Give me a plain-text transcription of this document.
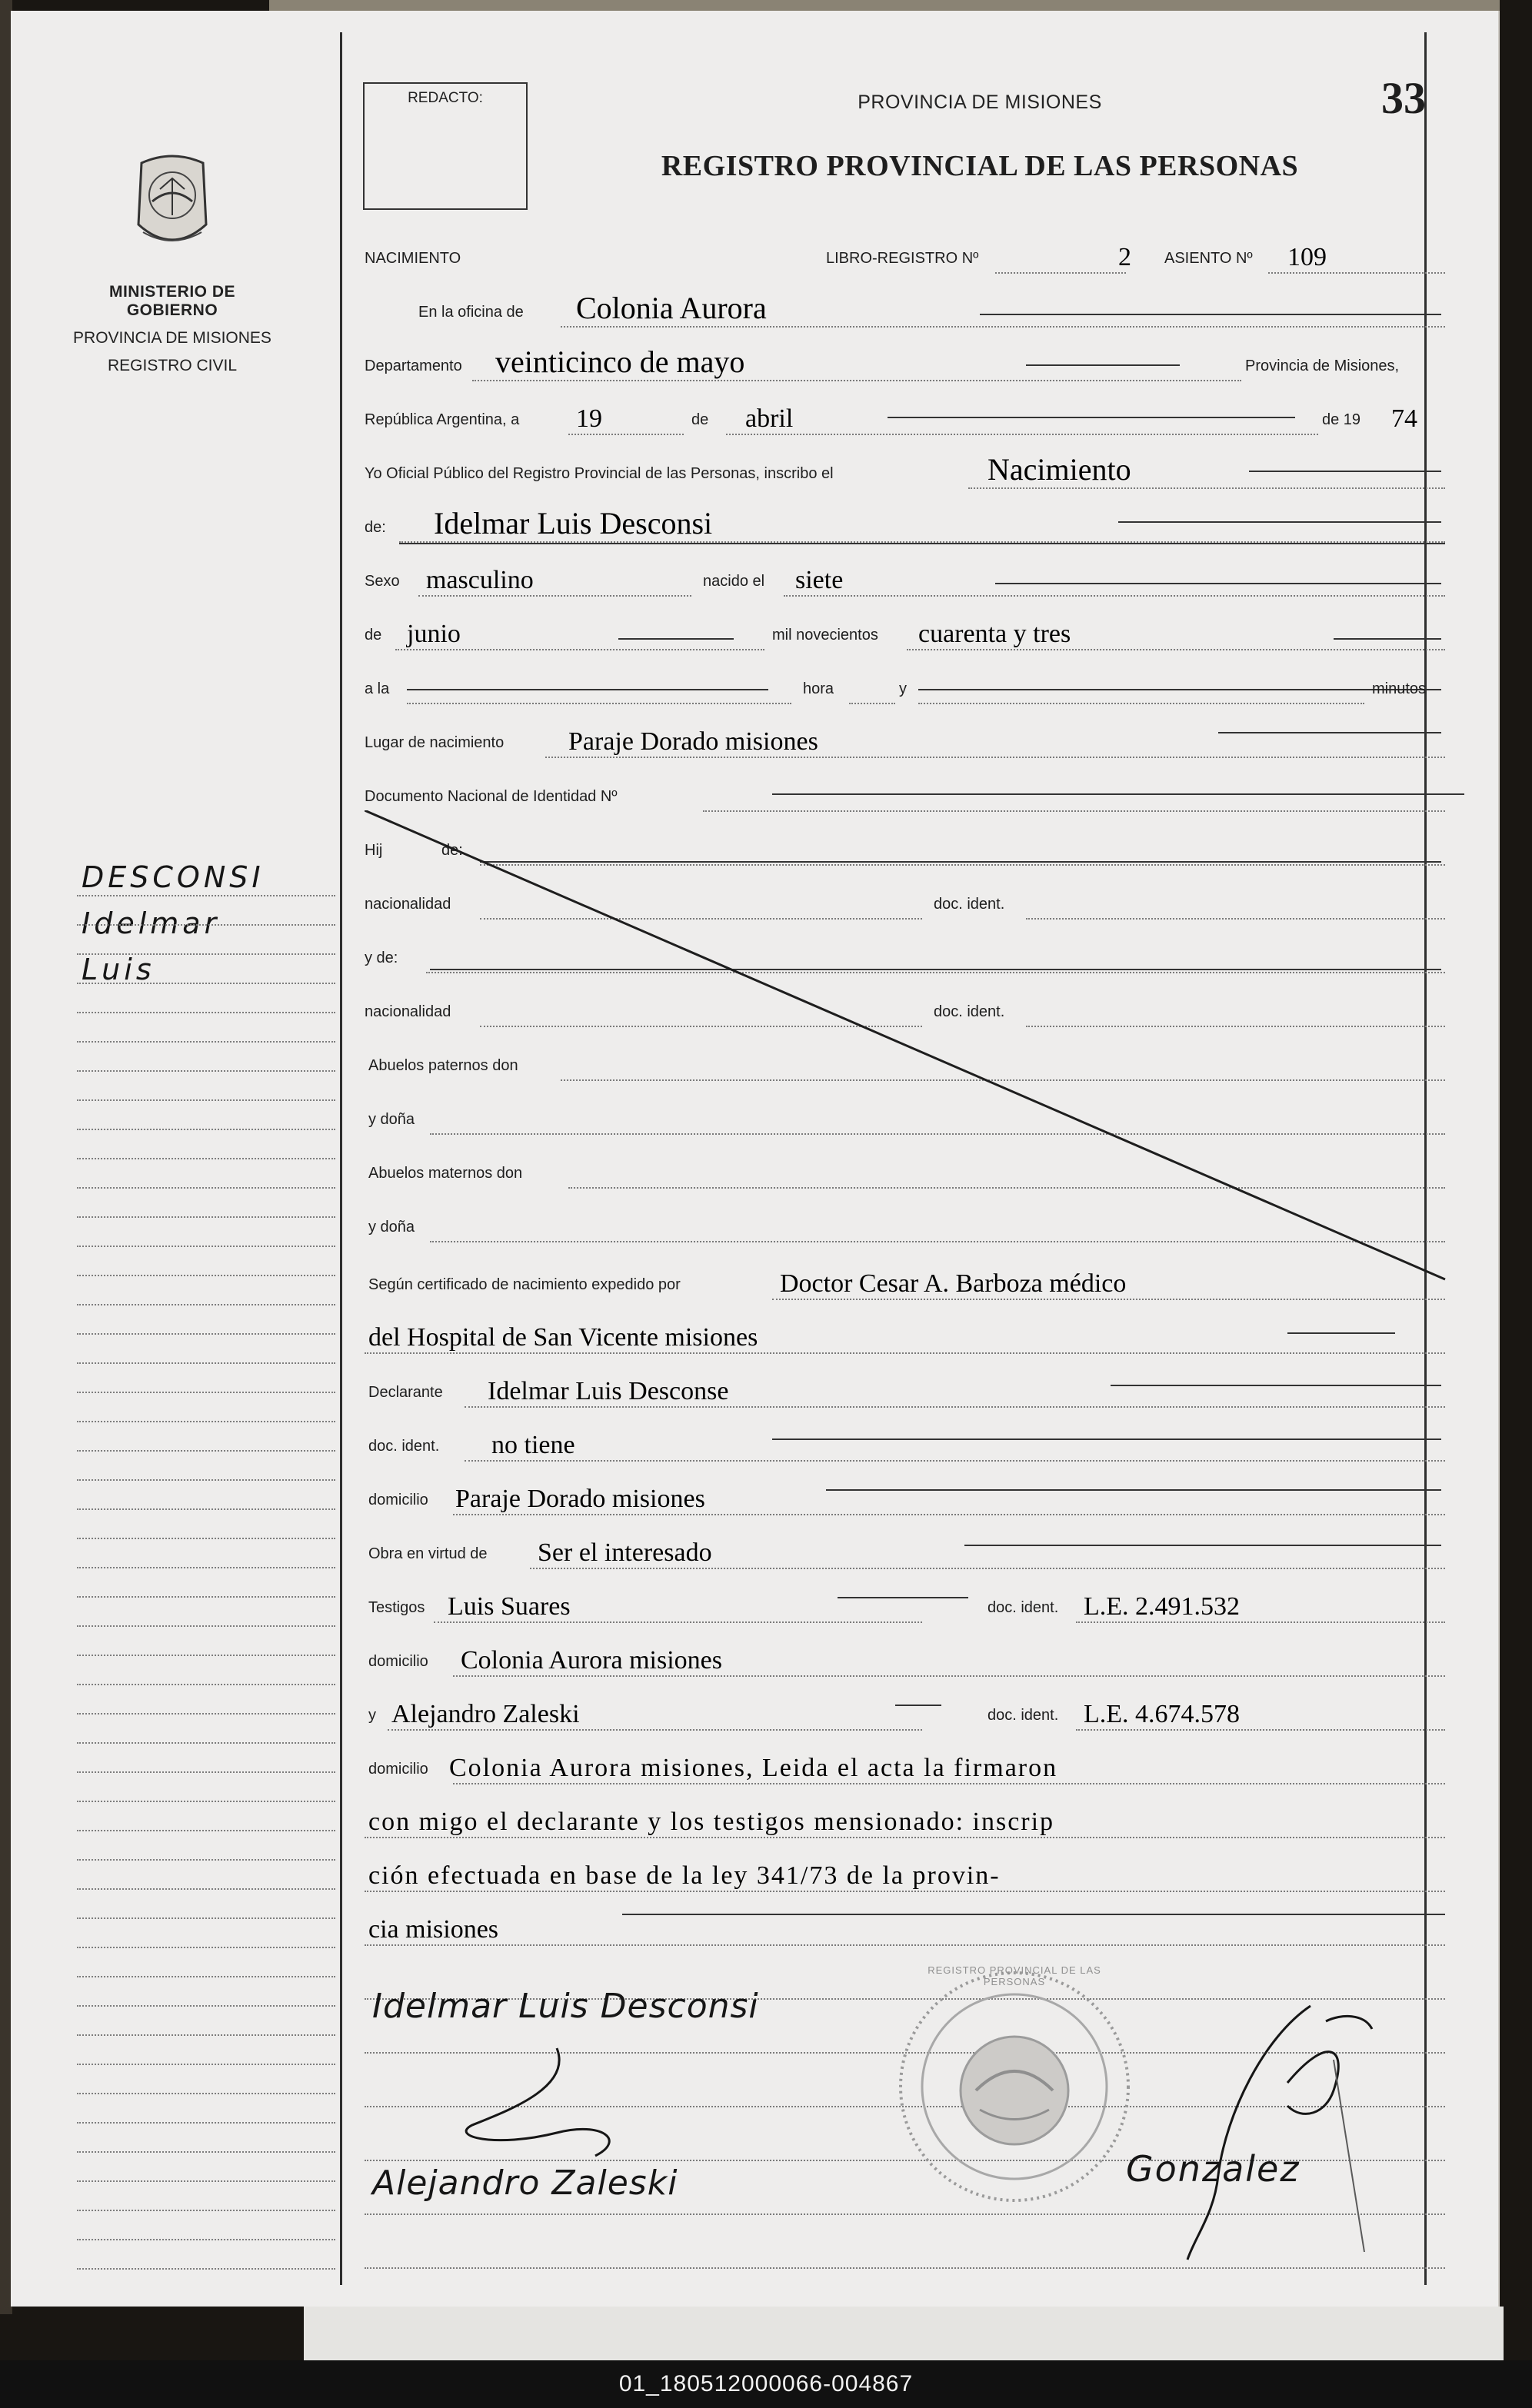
MINISTERIO DE GOBIERNO
PROVINCIA DE MISIONES
REGISTRO CIVIL
DESCONSI
Idelmar
Luis
REDACTO:	PROVINCIA DE MISIONES
REGISTRO PROVINCIAL DE LAS PERSONAS
33
NACIMIENTO	LIBRO-REGISTRO Nº	2 ASIENTO Nº 109
En la oficina de Colonia Aurora
Departamento veinticinco de mayo	Provincia de Misiones,
República Argentina, a 19	de abril	de 19 74
Yo Oficial Público del Registro Provincial de las Personas, inscribo el	Nacimiento
de: Idelmar Luis Desconsi
Sexo masculino	nacido el siete
de junio	mil novecientos cuarenta y tres
a la	hora	y	minutos
Lugar de nacimiento Paraje Dorado misiones
Documento Nacional de Identidad Nº
Hij	de:
nacionalidad	doc. ident.
y de:
nacionalidad	doc. ident.
Abuelos paternos don
y doña
Abuelos maternos don
y doña
Según certificado de nacimiento expedido por	Doctor Cesar A. Barboza médico
del Hospital de San Vicente misiones
Declarante Idelmar Luis Desconse
doc. ident. no tiene
domicilio Paraje Dorado misiones
Obra en virtud de Ser el interesado
Testigos Luis Suares	doc. ident. L.E. 2.491.532
domicilio Colonia Aurora misiones
y Alejandro Zaleski	doc. ident. L.E. 4.674.578
domicilio Colonia Aurora misiones, Leida el acta la firmaron
con migo el declarante y los testigos mensionado: inscrip
ción efectuada en base de la ley 341/73 de la provin-
cia misiones
Idelmar Luis Desconsi
Alejandro Zaleski
REGISTRO PROVINCIAL DE LAS PERSONAS
Gonzalez
01_180512000066-004867
